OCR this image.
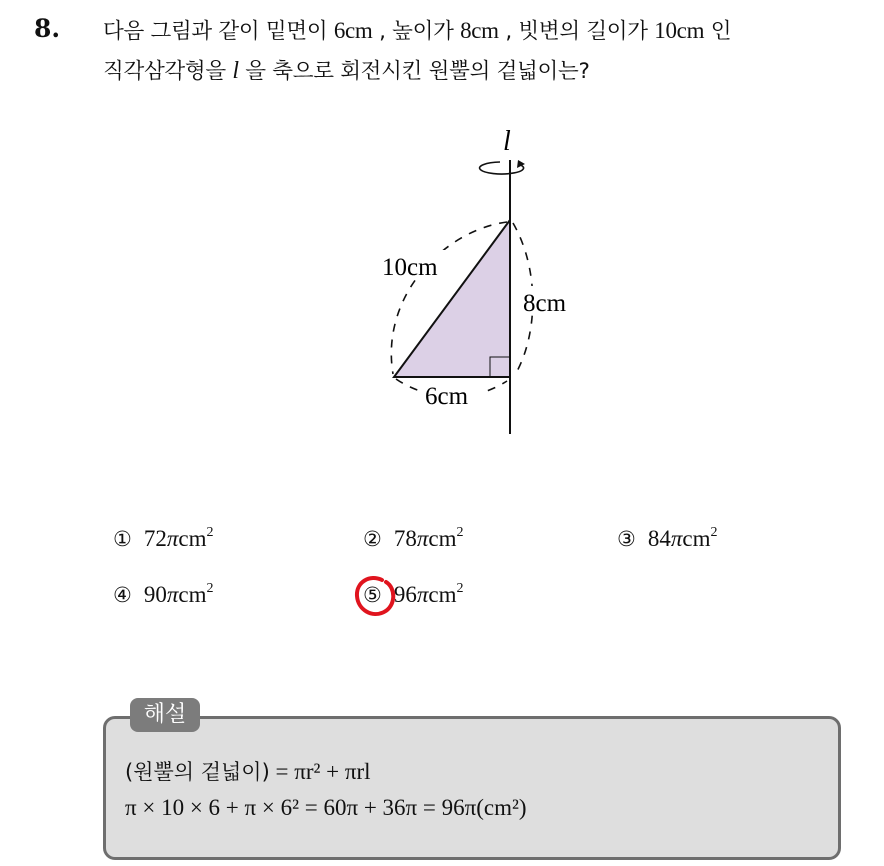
8. 다음 그림과 같이 밑면이 6cm , 높이가 8cm , 빗변의 길이가 10cm 인
직각삼각형을 l 을 축으로 회전시킨 원뿔의 겉넓이는?
l
10cm
8cm
6cm
① 72πcm$^2$	② 78πcm$^2$	③ 84πcm$^2$
④ 90πcm$^2$	⑤ 96πcm$^2$
해설
(원뿔의 겉넓이) = πr² + πrl
π × 10 × 6 + π × 6² = 60π + 36π = 96π(cm²)
